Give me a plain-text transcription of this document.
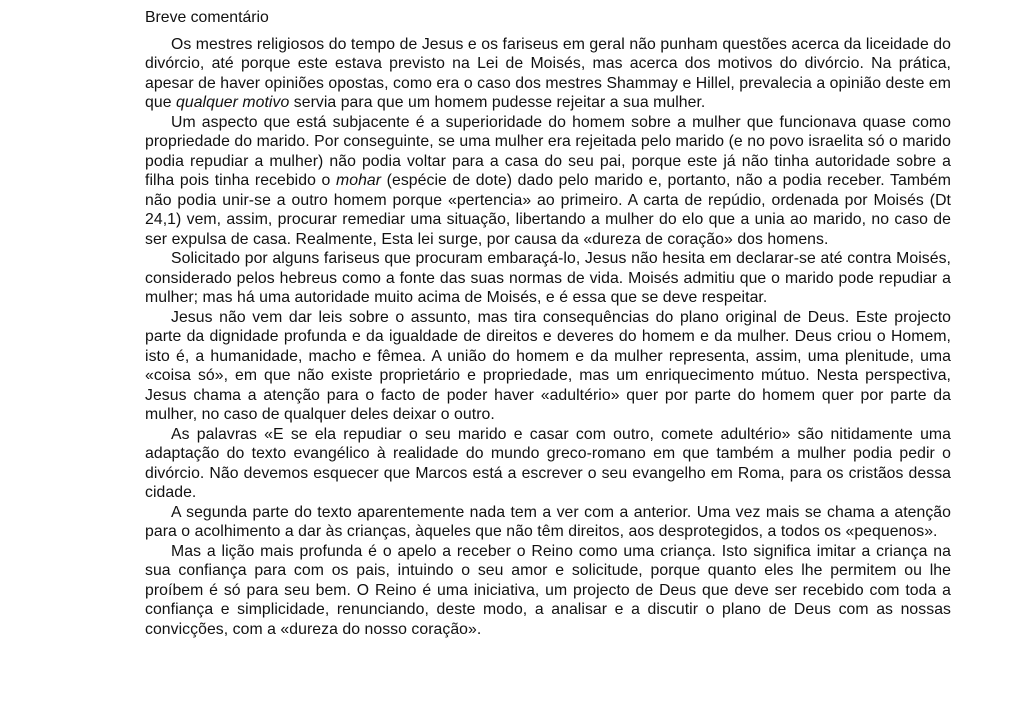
Breve comentário

Os mestres religiosos do tempo de Jesus e os fariseus em geral não punham questões acerca da liceidade do divórcio, até porque este estava previsto na Lei de Moisés, mas acerca dos motivos do divórcio. Na prática, apesar de haver opiniões opostas, como era o caso dos mestres Shammay e Hillel, prevalecia a opinião deste em que qualquer motivo servia para que um homem pudesse rejeitar a sua mulher.

Um aspecto que está subjacente é a superioridade do homem sobre a mulher que funcionava quase como propriedade do marido. Por conseguinte, se uma mulher era rejeitada pelo marido (e no povo israelita só o marido podia repudiar a mulher) não podia voltar para a casa do seu pai, porque este já não tinha autoridade sobre a filha pois tinha recebido o mohar (espécie de dote) dado pelo marido e, portanto, não a podia receber. Também não podia unir-se a outro homem porque «pertencia» ao primeiro. A carta de repúdio, ordenada por Moisés (Dt 24,1) vem, assim, procurar remediar uma situação, libertando a mulher do elo que a unia ao marido, no caso de ser expulsa de casa. Realmente, Esta lei surge, por causa da «dureza de coração» dos homens.

Solicitado por alguns fariseus que procuram embaraçá-lo, Jesus não hesita em declarar-se até contra Moisés, considerado pelos hebreus como a fonte das suas normas de vida. Moisés admitiu que o marido pode repudiar a mulher; mas há uma autoridade muito acima de Moisés, e é essa que se deve respeitar.

Jesus não vem dar leis sobre o assunto, mas tira consequências do plano original de Deus. Este projecto parte da dignidade profunda e da igualdade de direitos e deveres do homem e da mulher. Deus criou o Homem, isto é, a humanidade, macho e fêmea. A união do homem e da mulher representa, assim, uma plenitude, uma «coisa só», em que não existe proprietário e propriedade, mas um enriquecimento mútuo. Nesta perspectiva, Jesus chama a atenção para o facto de poder haver «adultério» quer por parte do homem quer por parte da mulher, no caso de qualquer deles deixar o outro.

As palavras «E se ela repudiar o seu marido e casar com outro, comete adultério» são nitidamente uma adaptação do texto evangélico à realidade do mundo greco-romano em que também a mulher podia pedir o divórcio. Não devemos esquecer que Marcos está a escrever o seu evangelho em Roma, para os cristãos dessa cidade.

A segunda parte do texto aparentemente nada tem a ver com a anterior. Uma vez mais se chama a atenção para o acolhimento a dar às crianças, àqueles que não têm direitos, aos desprotegidos, a todos os «pequenos».

Mas a lição mais profunda é o apelo a receber o Reino como uma criança. Isto significa imitar a criança na sua confiança para com os pais, intuindo o seu amor e solicitude, porque quanto eles lhe permitem ou lhe proíbem é só para seu bem. O Reino é uma iniciativa, um projecto de Deus que deve ser recebido com toda a confiança e simplicidade, renunciando, deste modo, a analisar e a discutir o plano de Deus com as nossas convicções, com a «dureza do nosso coração».
